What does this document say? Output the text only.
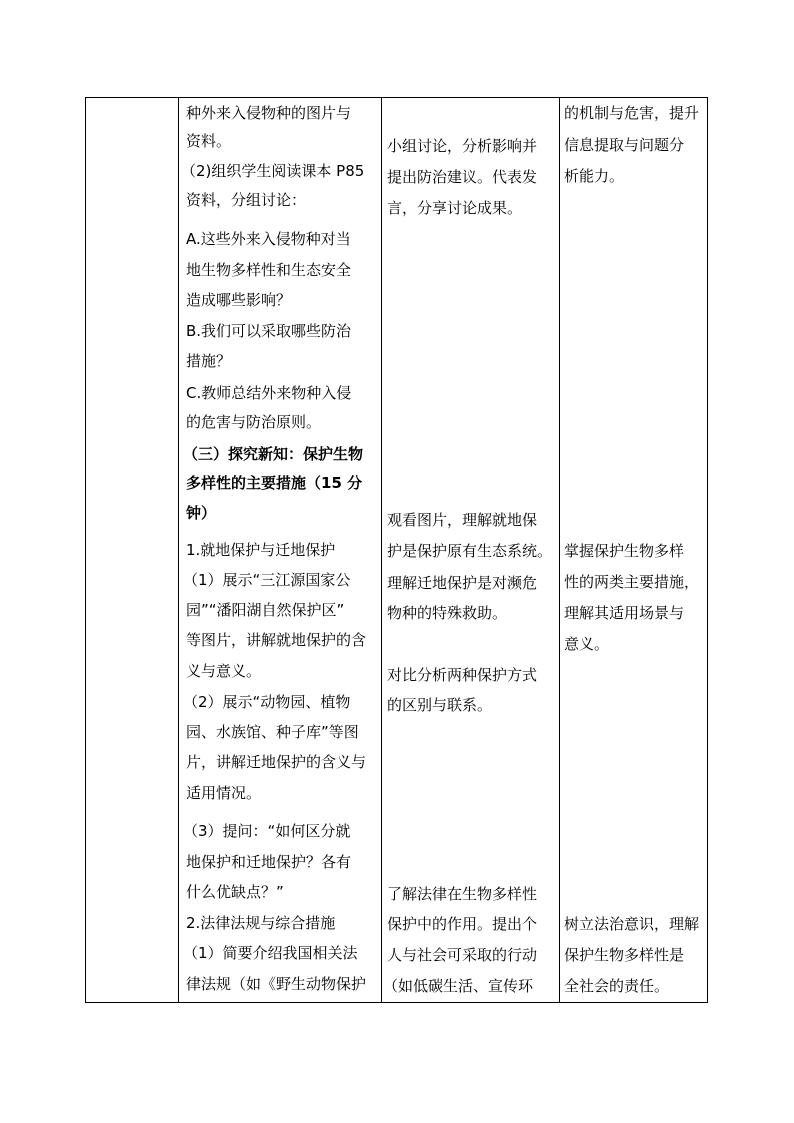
种外来入侵物种的图片与
资料。
（2)组织学生阅读课本 P85
资料，分组讨论：
A.这些外来入侵物种对当
地生物多样性和生态安全
造成哪些影响？
B.我们可以采取哪些防治
措施？
C.教师总结外来物种入侵
的危害与防治原则。
（三）探究新知：保护生物
多样性的主要措施（15 分
钟）
1.就地保护与迁地保护
（1）展示“三江源国家公
园”“潘阳湖自然保护区”
等图片，讲解就地保护的含
义与意义。
（2）展示“动物园、植物
园、水族馆、种子库”等图
片，讲解迁地保护的含义与
适用情况。
（3）提问：“如何区分就
地保护和迁地保护？各有
什么优缺点？”
2.法律法规与综合措施
（1）简要介绍我国相关法
律法规（如《野生动物保护
小组讨论，分析影响并
提出防治建议。代表发
言，分享讨论成果。
观看图片，理解就地保
护是保护原有生态系统。
理解迁地保护是对濒危
物种的特殊救助。
对比分析两种保护方式
的区别与联系。
了解法律在生物多样性
保护中的作用。提出个
人与社会可采取的行动
（如低碳生活、宣传环
的机制与危害，提升
信息提取与问题分
析能力。
掌握保护生物多样
性的两类主要措施，
理解其适用场景与
意义。
树立法治意识，理解
保护生物多样性是
全社会的责任。
